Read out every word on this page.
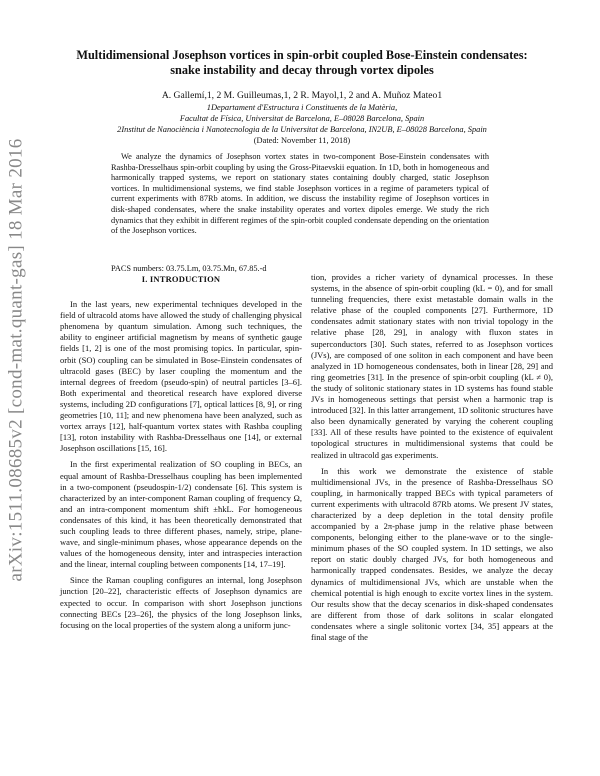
arXiv:1511.08685v2 [cond-mat.quant-gas] 18 Mar 2016
Multidimensional Josephson vortices in spin-orbit coupled Bose-Einstein condensates:
snake instability and decay through vortex dipoles
A. Gallemí,1, 2 M. Guilleumas,1, 2 R. Mayol,1, 2 and A. Muñoz Mateo1
1Departament d'Estructura i Constituents de la Matèria,
Facultat de Física, Universitat de Barcelona, E–08028 Barcelona, Spain
2Institut de Nanociència i Nanotecnologia de la Universitat de Barcelona, IN2UB, E–08028 Barcelona, Spain
(Dated: November 11, 2018)

We analyze the dynamics of Josephson vortex states in two-component Bose-Einstein condensates with Rashba-Dresselhaus spin-orbit coupling by using the Gross-Pitaevskii equation. In 1D, both in homogeneous and harmonically trapped systems, we report on stationary states containing doubly charged, static Josephson vortices. In multidimensional systems, we find stable Josephson vortices in a regime of parameters typical of current experiments with 87Rb atoms. In addition, we discuss the instability regime of Josephson vortices in disk-shaped condensates, where the snake instability operates and vortex dipoles emerge. We study the rich dynamics that they exhibit in different regimes of the spin-orbit coupled condensate depending on the orientation of the Josephson vortices.

PACS numbers: 03.75.Lm, 03.75.Mn, 67.85.-d
I. INTRODUCTION

In the last years, new experimental techniques developed in the field of ultracold atoms have allowed the study of challenging physical phenomena by quantum simulation. Among such techniques, the ability to engineer artificial magnetism by means of synthetic gauge fields [1, 2] is one of the most promising topics. In particular, spin-orbit (SO) coupling can be simulated in Bose-Einstein condensates of ultracold gases (BEC) by laser coupling the momentum and the internal degrees of freedom (pseudo-spin) of neutral particles [3–6]. Both experimental and theoretical research have explored diverse systems, including 2D configurations [7], optical lattices [8, 9], or ring geometries [10, 11]; and new phenomena have been analyzed, such as vortex arrays [12], half-quantum vortex states with Rashba coupling [13], roton instability with Rashba-Dresselhaus one [14], or external Josephson oscillations [15, 16].

In the first experimental realization of SO coupling in BECs, an equal amount of Rashba-Dresselhaus coupling has been implemented in a two-component (pseudospin-1/2) condensate [6]. This system is characterized by an inter-component Raman coupling of frequency Ω, and an intra-component momentum shift ±ħkL. For homogeneous condensates of this kind, it has been theoretically demonstrated that such coupling leads to three different phases, namely, stripe, plane-wave, and single-minimum phases, whose appearance depends on the values of the homogeneous density, inter and intraspecies interaction and the linear, internal coupling between components [14, 17–19].

Since the Raman coupling configures an internal, long Josephson junction [20–22], characteristic effects of Josephson dynamics are expected to occur. In comparison with short Josephson junctions connecting BECs [23–26], the physics of the long Josephson links, focusing on the local properties of the system along a uniform junc-

tion, provides a richer variety of dynamical processes. In these systems, in the absence of spin-orbit coupling (kL = 0), and for small tunneling frequencies, there exist metastable domain walls in the relative phase of the coupled components [27]. Furthermore, 1D condensates admit stationary states with non trivial topology in the relative phase [28, 29], in analogy with fluxon states in superconductors [30]. Such states, referred to as Josephson vortices (JVs), are composed of one soliton in each component and have been analyzed in 1D homogeneous condensates, both in linear [28, 29] and ring geometries [31]. In the presence of spin-orbit coupling (kL ≠ 0), the study of solitonic stationary states in 1D systems has found stable JVs in homogeneous settings that persist when a harmonic trap is introduced [32]. In this latter arrangement, 1D solitonic structures have also been dynamically generated by varying the coherent coupling [33]. All of these results have pointed to the existence of equivalent topological structures in multidimensional systems that could be realized in ultracold gas experiments.

In this work we demonstrate the existence of stable multidimensional JVs, in the presence of Rashba-Dresselhaus SO coupling, in harmonically trapped BECs with typical parameters of current experiments with ultracold 87Rb atoms. We present JV states, characterized by a deep depletion in the total density profile accompanied by a 2π-phase jump in the relative phase between components, belonging either to the plane-wave or to the single-minimum phases of the SO coupled system. In 1D settings, we also report on static doubly charged JVs, for both homogeneous and harmonically trapped condensates. Besides, we analyze the decay dynamics of multidimensional JVs, which are unstable when the chemical potential is high enough to excite vortex lines in the system. Our results show that the decay scenarios in disk-shaped condensates are different from those of dark solitons in scalar elongated condensates where a single solitonic vortex [34, 35] appears at the final stage of the
